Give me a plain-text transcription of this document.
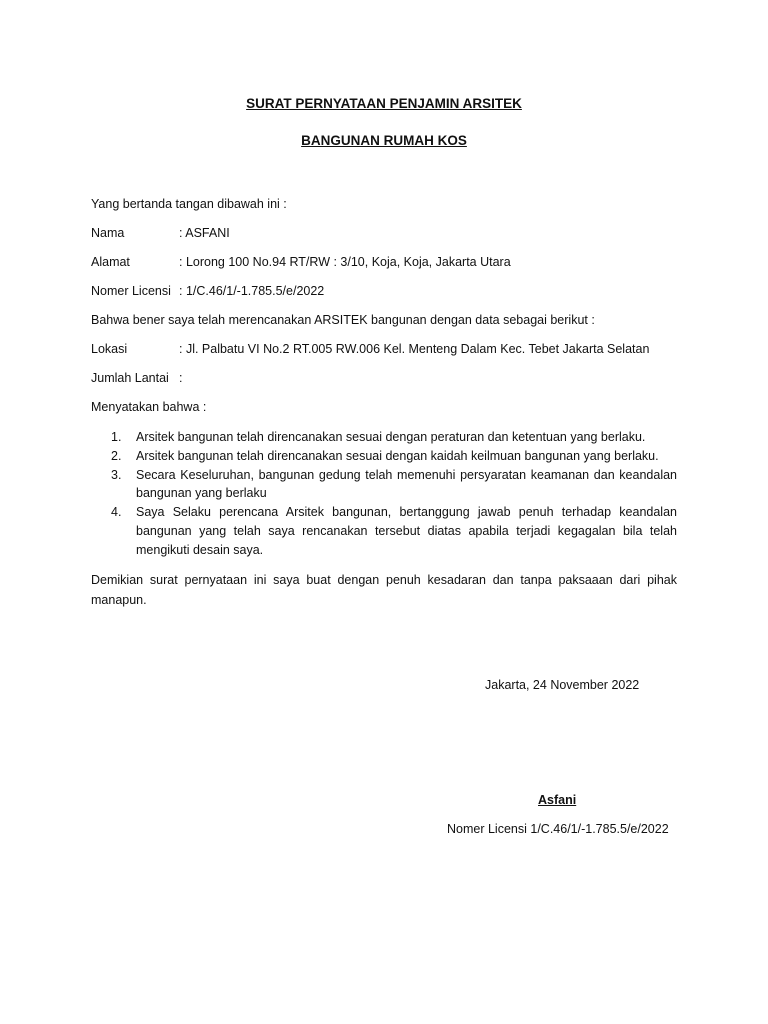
SURAT PERNYATAAN PENJAMIN ARSITEK
BANGUNAN RUMAH KOS
Yang bertanda tangan dibawah ini :
Nama	: ASFANI
Alamat	: Lorong 100 No.94 RT/RW : 3/10, Koja, Koja, Jakarta Utara
Nomer Licensi : 1/C.46/1/-1.785.5/e/2022
Bahwa bener saya telah merencanakan ARSITEK bangunan dengan data sebagai berikut :
Lokasi	: Jl. Palbatu VI No.2 RT.005 RW.006 Kel. Menteng Dalam Kec. Tebet Jakarta Selatan
Jumlah Lantai :
Menyatakan bahwa :
1. Arsitek bangunan telah direncanakan sesuai dengan peraturan dan ketentuan yang berlaku.
2. Arsitek bangunan telah direncanakan sesuai dengan kaidah keilmuan bangunan yang berlaku.
3. Secara Keseluruhan, bangunan gedung telah memenuhi persyaratan keamanan dan keandalan bangunan yang berlaku
4. Saya Selaku perencana Arsitek bangunan, bertanggung jawab penuh terhadap keandalan bangunan yang telah saya rencanakan tersebut diatas apabila terjadi kegagalan bila telah mengikuti desain saya.
Demikian surat pernyataan ini saya buat dengan penuh kesadaran dan tanpa paksaaan dari pihak manapun.
Jakarta, 24 November 2022
Asfani
Nomer Licensi 1/C.46/1/-1.785.5/e/2022
